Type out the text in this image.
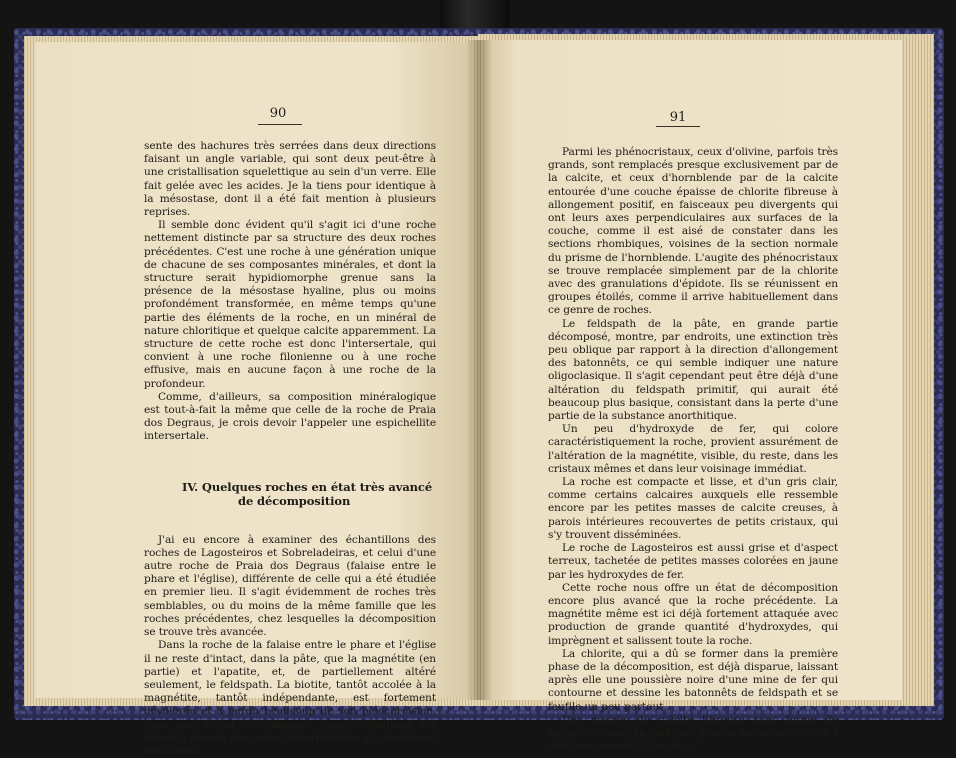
90

sente des hachures très serrées dans deux directions faisant un angle variable, qui sont deux peut-être à une cristallisation squelettique au sein d'un verre. Elle fait gelée avec les acides. Je la tiens pour identique à la mésostase, dont il a été fait mention à plusieurs reprises.

Il semble donc évident qu'il s'agit ici d'une roche nettement distincte par sa structure des deux roches précédentes. C'est une roche à une génération unique de chacune de ses composantes minérales, et dont la structure serait hypidiomorphe grenue sans la présence de la mésostase hyaline, plus ou moins profondément transformée, en même temps qu'une partie des éléments de la roche, en un minéral de nature chloritique et quelque calcite apparemment. La structure de cette roche est donc l'intersertale, qui convient à une roche filonienne ou à une roche effusive, mais en aucune façon à une roche de la profondeur.

Comme, d'ailleurs, sa composition minéralogique est tout-à-fait la même que celle de la roche de Praia dos Degraus, je crois devoir l'appeler une espichellite intersertale.

IV. Quelques roches en état très avancé
de décomposition

J'ai eu encore à examiner des échantillons des roches de Lagosteiros et Sobreladeiras, et celui d'une autre roche de Praia dos Degraus (falaise entre le phare et l'église), différente de celle qui a été étudiée en premier lieu. Il s'agit évidemment de roches très semblables, ou du moins de la même famille que les roches précédentes, chez lesquelles la décomposition se trouve très avancée.

Dans la roche de la falaise entre le phare et l'église il ne reste d'intact, dans la pâte, que la magnétite (en partie) et l'apatite, et, de partiellement altéré seulement, le feldspath. La biotite, tantôt accolée à la magnétite, tantôt indépendante, est fortement décolorée et a perdu beaucoup de son pléochroïsme, mais non de sa biréfringence (muscovitisation). On observe encore des restes d'hornblende apparemment décolorés.

91

Parmi les phénocristaux, ceux d'olivine, parfois très grands, sont remplacés presque exclusivement par de la calcite, et ceux d'hornblende par de la calcite entourée d'une couche épaisse de chlorite fibreuse à allongement positif, en faisceaux peu divergents qui ont leurs axes perpendiculaires aux surfaces de la couche, comme il est aisé de constater dans les sections rhombiques, voisines de la section normale du prisme de l'hornblende. L'augite des phénocristaux se trouve remplacée simplement par de la chlorite avec des granulations d'épidote. Ils se réunissent en groupes étoilés, comme il arrive habituellement dans ce genre de roches.

Le feldspath de la pâte, en grande partie décomposé, montre, par endroits, une extinction très peu oblique par rapport à la direction d'allongement des batonnêts, ce qui semble indiquer une nature oligoclasique. Il s'agit cependant peut être déjà d'une altération du feldspath primitif, qui aurait été beaucoup plus basique, consistant dans la perte d'une partie de la substance anorthitique.

Un peu d'hydroxyde de fer, qui colore caractéristiquement la roche, provient assurément de l'altération de la magnétite, visible, du reste, dans les cristaux mêmes et dans leur voisinage immédiat.

La roche est compacte et lisse, et d'un gris clair, comme certains calcaires auxquels elle ressemble encore par les petites masses de calcite creuses, à parois intérieures recouvertes de petits cristaux, qui s'y trouvent disséminées.

Le roche de Lagosteiros est aussi grise et d'aspect terreux, tachetée de petites masses colorées en jaune par les hydroxydes de fer.

Cette roche nous offre un état de décomposition encore plus avancé que la roche précédente. La magnétite même est ici déjà fortement attaquée avec production de grande quantité d'hydroxydes, qui imprègnent et salissent toute la roche.

La chlorite, qui a dû se former dans la première phase de la décomposition, est déjà disparue, laissant après elle une poussière noire d'une mine de fer qui contourne et dessine les batonnêts de feldspath et se faufile un peu partout.

Des masses de calcite fibreuse sous forme de sphérocristaux, en secteurs plus ou moins ouverts et à couches concentriques suc-
